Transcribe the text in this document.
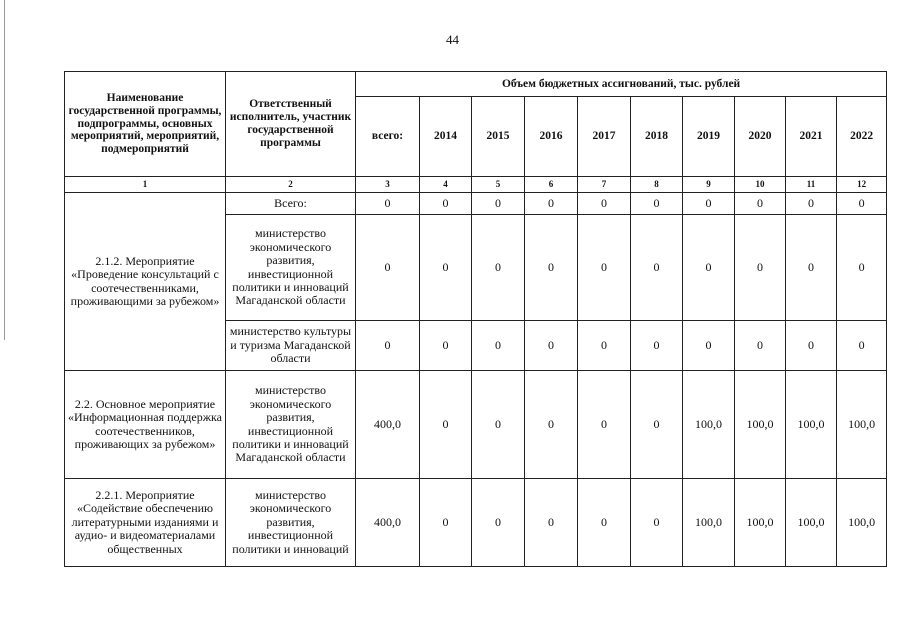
44
Наименование государственной программы, подпрограммы, основных мероприятий, мероприятий, подмероприятий	Ответственный исполнитель, участник государственной программы	Объем бюджетных ассигнований, тыс. рублей									
		всего:	2014	2015	2016	2017	2018	2019	2020	2021	2022
1	2	3	4	5	6	7	8	9	10	11	12
2.1.2. Мероприятие «Проведение консультаций с соотечественниками, проживающими за рубежом»	Всего:	0	0	0	0	0	0	0	0	0	0
	министерство экономического развития, инвестиционной политики и инноваций Магаданской области	0	0	0	0	0	0	0	0	0	0
	министерство культуры и туризма Магаданской области	0	0	0	0	0	0	0	0	0	0
2.2. Основное мероприятие «Информационная поддержка соотечественников, проживающих за рубежом»	министерство экономического развития, инвестиционной политики и инноваций Магаданской области	400,0	0	0	0	0	0	100,0	100,0	100,0	100,0
2.2.1. Мероприятие «Содействие обеспечению литературными изданиями и аудио- и видеоматериалами общественных	министерство экономического развития, инвестиционной политики и инноваций	400,0	0	0	0	0	0	100,0	100,0	100,0	100,0
